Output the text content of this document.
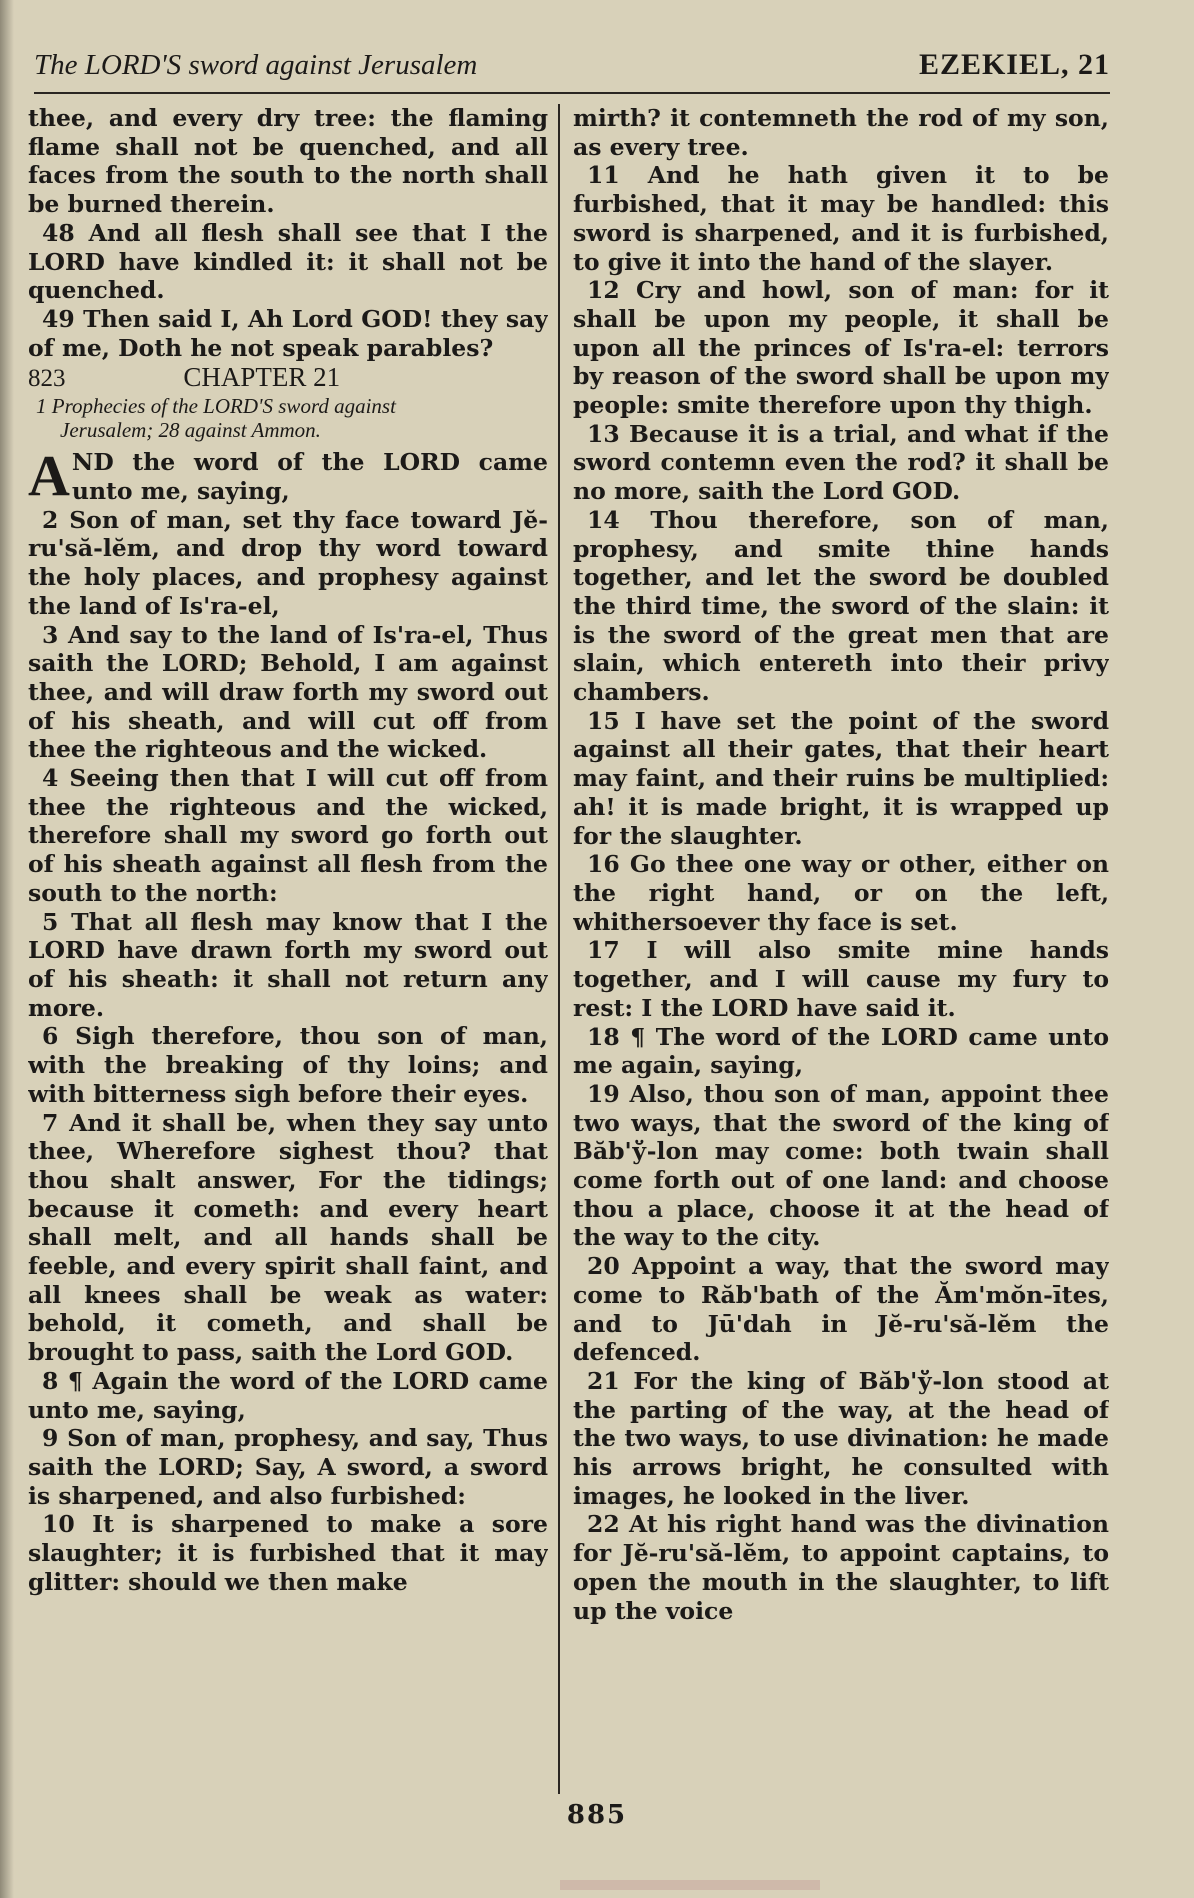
The LORD'S sword against Jerusalem	EZEKIEL, 21

thee, and every dry tree: the flaming flame shall not be quenched, and all faces from the south to the north shall be burned therein.

48 And all flesh shall see that I the LORD have kindled it: it shall not be quenched.

49 Then said I, Ah Lord GOD! they say of me, Doth he not speak parables?

823	CHAPTER 21
1 Prophecies of the LORD'S sword against
Jerusalem; 28 against Ammon.
A ND the word of the LORD came unto me, saying,

2 Son of man, set thy face toward Jĕ-ru'să-lĕm, and drop thy word toward the holy places, and prophesy against the land of Is'ra-el,

3 And say to the land of Is'ra-el, Thus saith the LORD; Behold, I am against thee, and will draw forth my sword out of his sheath, and will cut off from thee the righteous and the wicked.

4 Seeing then that I will cut off from thee the righteous and the wicked, therefore shall my sword go forth out of his sheath against all flesh from the south to the north:

5 That all flesh may know that I the LORD have drawn forth my sword out of his sheath: it shall not return any more.

6 Sigh therefore, thou son of man, with the breaking of thy loins; and with bitterness sigh before their eyes.

7 And it shall be, when they say unto thee, Wherefore sighest thou? that thou shalt answer, For the tidings; because it cometh: and every heart shall melt, and all hands shall be feeble, and every spirit shall faint, and all knees shall be weak as water: behold, it cometh, and shall be brought to pass, saith the Lord GOD.

8 ¶ Again the word of the LORD came unto me, saying,

9 Son of man, prophesy, and say, Thus saith the LORD; Say, A sword, a sword is sharpened, and also furbished:

10 It is sharpened to make a sore slaughter; it is furbished that it may glitter: should we then make

mirth? it contemneth the rod of my son, as every tree.

11 And he hath given it to be furbished, that it may be handled: this sword is sharpened, and it is furbished, to give it into the hand of the slayer.

12 Cry and howl, son of man: for it shall be upon my people, it shall be upon all the princes of Is'ra-el: terrors by reason of the sword shall be upon my people: smite therefore upon thy thigh.

13 Because it is a trial, and what if the sword contemn even the rod? it shall be no more, saith the Lord GOD.

14 Thou therefore, son of man, prophesy, and smite thine hands together, and let the sword be doubled the third time, the sword of the slain: it is the sword of the great men that are slain, which entereth into their privy chambers.

15 I have set the point of the sword against all their gates, that their heart may faint, and their ruins be multiplied: ah! it is made bright, it is wrapped up for the slaughter.

16 Go thee one way or other, either on the right hand, or on the left, whithersoever thy face is set.

17 I will also smite mine hands together, and I will cause my fury to rest: I the LORD have said it.

18 ¶ The word of the LORD came unto me again, saying,

19 Also, thou son of man, appoint thee two ways, that the sword of the king of Băb'ў-lon may come: both twain shall come forth out of one land: and choose thou a place, choose it at the head of the way to the city.

20 Appoint a way, that the sword may come to Răb'bath of the Ăm'mŏn-ītes, and to Jū'dah in Jĕ-ru'să-lĕm the defenced.

21 For the king of Băb'ў-lon stood at the parting of the way, at the head of the two ways, to use divination: he made his arrows bright, he consulted with images, he looked in the liver.

22 At his right hand was the divination for Jĕ-ru'să-lĕm, to appoint captains, to open the mouth in the slaughter, to lift up the voice

885
